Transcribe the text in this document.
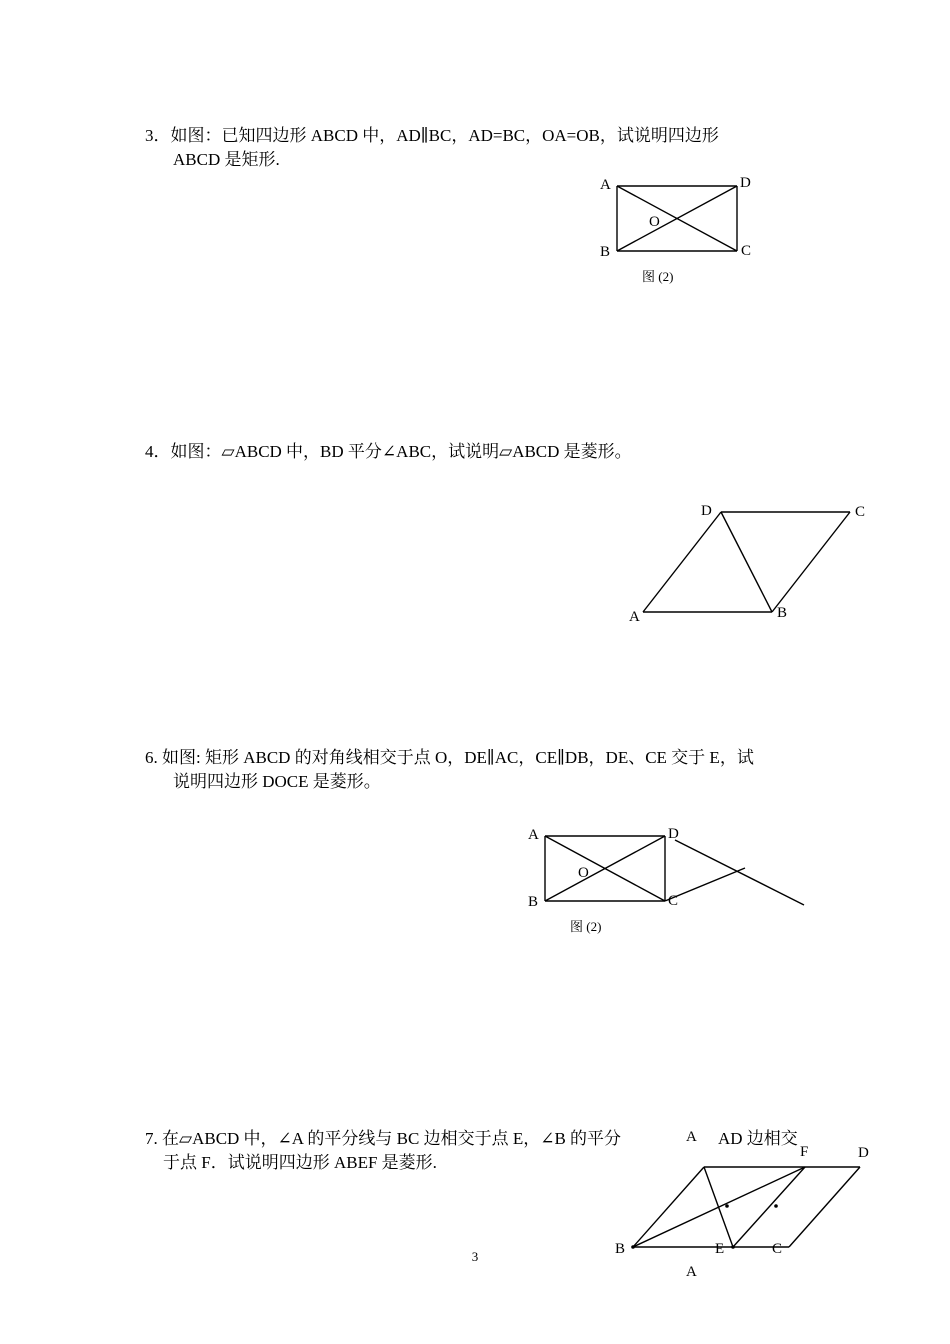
3．如图：已知四边形 ABCD 中，AD∥BC，AD=BC，OA=OB，试说明四边形
ABCD 是矩形.
A	D
O
B	C
图 (2)
4．如图：▱ABCD 中，BD 平分∠ABC，试说明▱ABCD 是菱形。
D	C
A	B
6. 如图: 矩形 ABCD 的对角线相交于点 O，DE∥AC，CE∥DB，DE、CE 交于 E，试
说明四边形 DOCE 是菱形。
A	D
O
B	C
图 (2)
7. 在▱ABCD 中，∠A 的平分线与 BC 边相交于点 E，∠B 的平分	AD 边相交
于点 F．试说明四边形 ABEF 是菱形.
A
F	D
B	E	C
A
3
